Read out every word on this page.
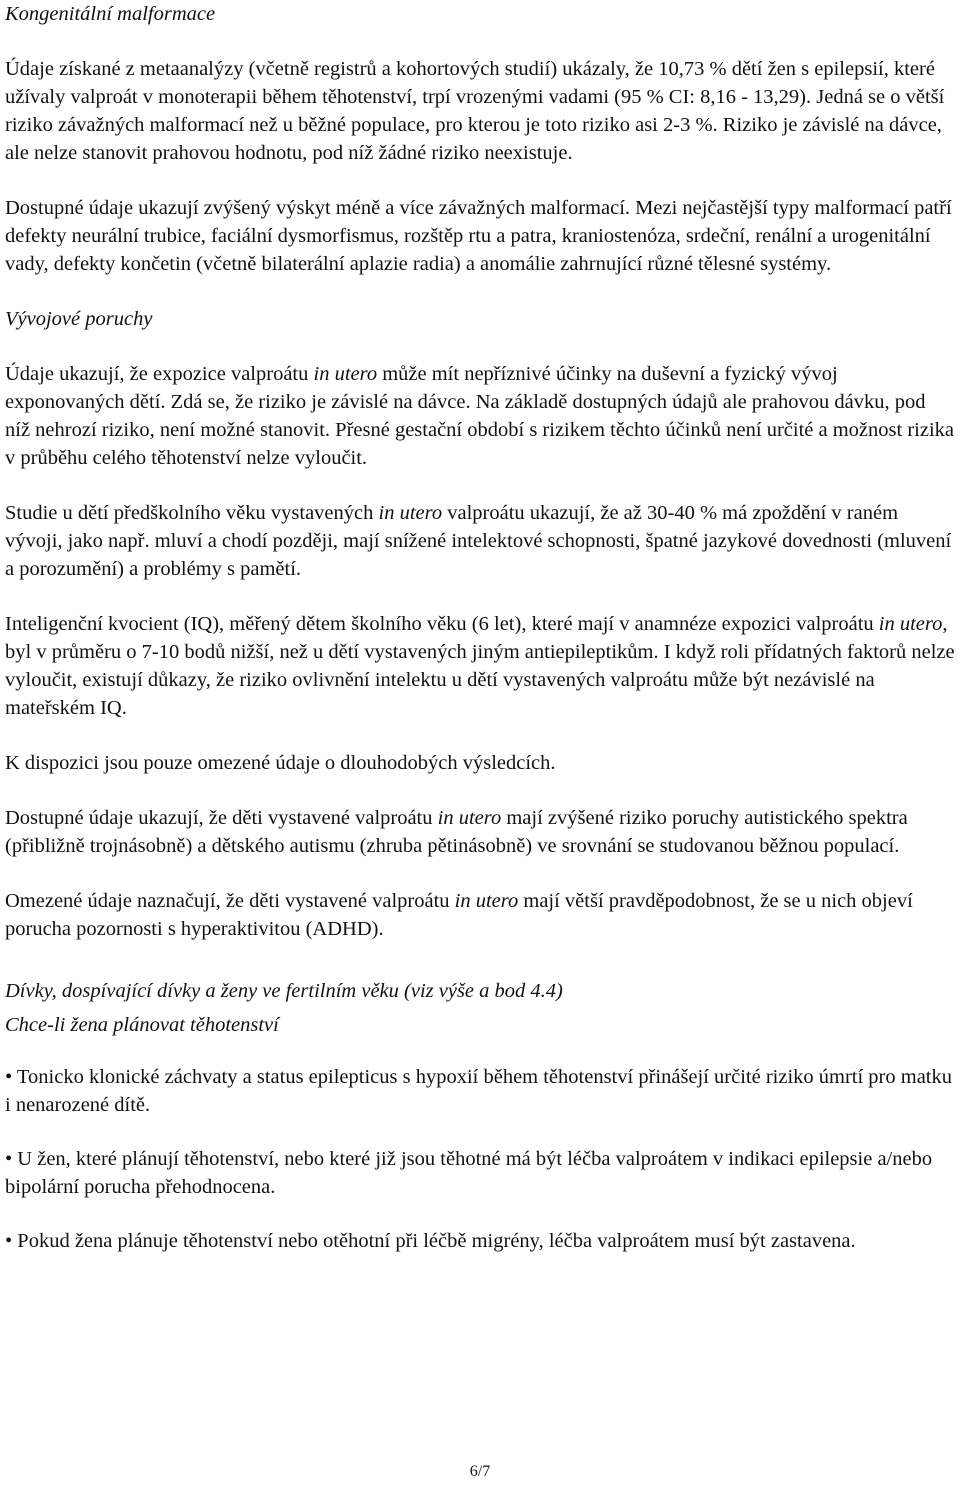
Kongenitální malformace

Údaje získané z metaanalýzy (včetně registrů a kohortových studií) ukázaly, že 10,73 % dětí žen s epilepsií, které užívaly valproát v monoterapii během těhotenství, trpí vrozenými vadami (95 % CI: 8,16 - 13,29). Jedná se o větší riziko závažných malformací než u běžné populace, pro kterou je toto riziko asi 2-3 %. Riziko je závislé na dávce, ale nelze stanovit prahovou hodnotu, pod níž žádné riziko neexistuje.

Dostupné údaje ukazují zvýšený výskyt méně a více závažných malformací. Mezi nejčastější typy malformací patří defekty neurální trubice, faciální dysmorfismus, rozštěp rtu a patra, kraniostenóza, srdeční, renální a urogenitální vady, defekty končetin (včetně bilaterální aplazie radia) a anomálie zahrnující různé tělesné systémy.

Vývojové poruchy

Údaje ukazují, že expozice valproátu in utero může mít nepříznivé účinky na duševní a fyzický vývoj exponovaných dětí. Zdá se, že riziko je závislé na dávce. Na základě dostupných údajů ale prahovou dávku, pod níž nehrozí riziko, není možné stanovit. Přesné gestační období s rizikem těchto účinků není určité a možnost rizika v průběhu celého těhotenství nelze vyloučit.

Studie u dětí předškolního věku vystavených in utero valproátu ukazují, že až 30-40 % má zpoždění v raném vývoji, jako např. mluví a chodí později, mají snížené intelektové schopnosti, špatné jazykové dovednosti (mluvení a porozumění) a problémy s pamětí.

Inteligenční kvocient (IQ), měřený dětem školního věku (6 let), které mají v anamnéze expozici valproátu in utero, byl v průměru o 7-10 bodů nižší, než u dětí vystavených jiným antiepileptikům. I když roli přídatných faktorů nelze vyloučit, existují důkazy, že riziko ovlivnění intelektu u dětí vystavených valproátu může být nezávislé na mateřském IQ.

K dispozici jsou pouze omezené údaje o dlouhodobých výsledcích.

Dostupné údaje ukazují, že děti vystavené valproátu in utero mají zvýšené riziko poruchy autistického spektra (přibližně trojnásobně) a dětského autismu (zhruba pětinásobně) ve srovnání se studovanou běžnou populací.

Omezené údaje naznačují, že děti vystavené valproátu in utero mají větší pravděpodobnost, že se u nich objeví porucha pozornosti s hyperaktivitou (ADHD).

Dívky, dospívající dívky a ženy ve fertilním věku (viz výše a bod 4.4)

Chce-li žena plánovat těhotenství

• Tonicko klonické záchvaty a status epilepticus s hypoxií během těhotenství přinášejí určité riziko úmrtí pro matku i nenarozené dítě.

• U žen, které plánují těhotenství, nebo které již jsou těhotné má být léčba valproátem v indikaci epilepsie a/nebo bipolární porucha přehodnocena.

• Pokud žena plánuje těhotenství nebo otěhotní při léčbě migrény, léčba valproátem musí být zastavena.

6/7
